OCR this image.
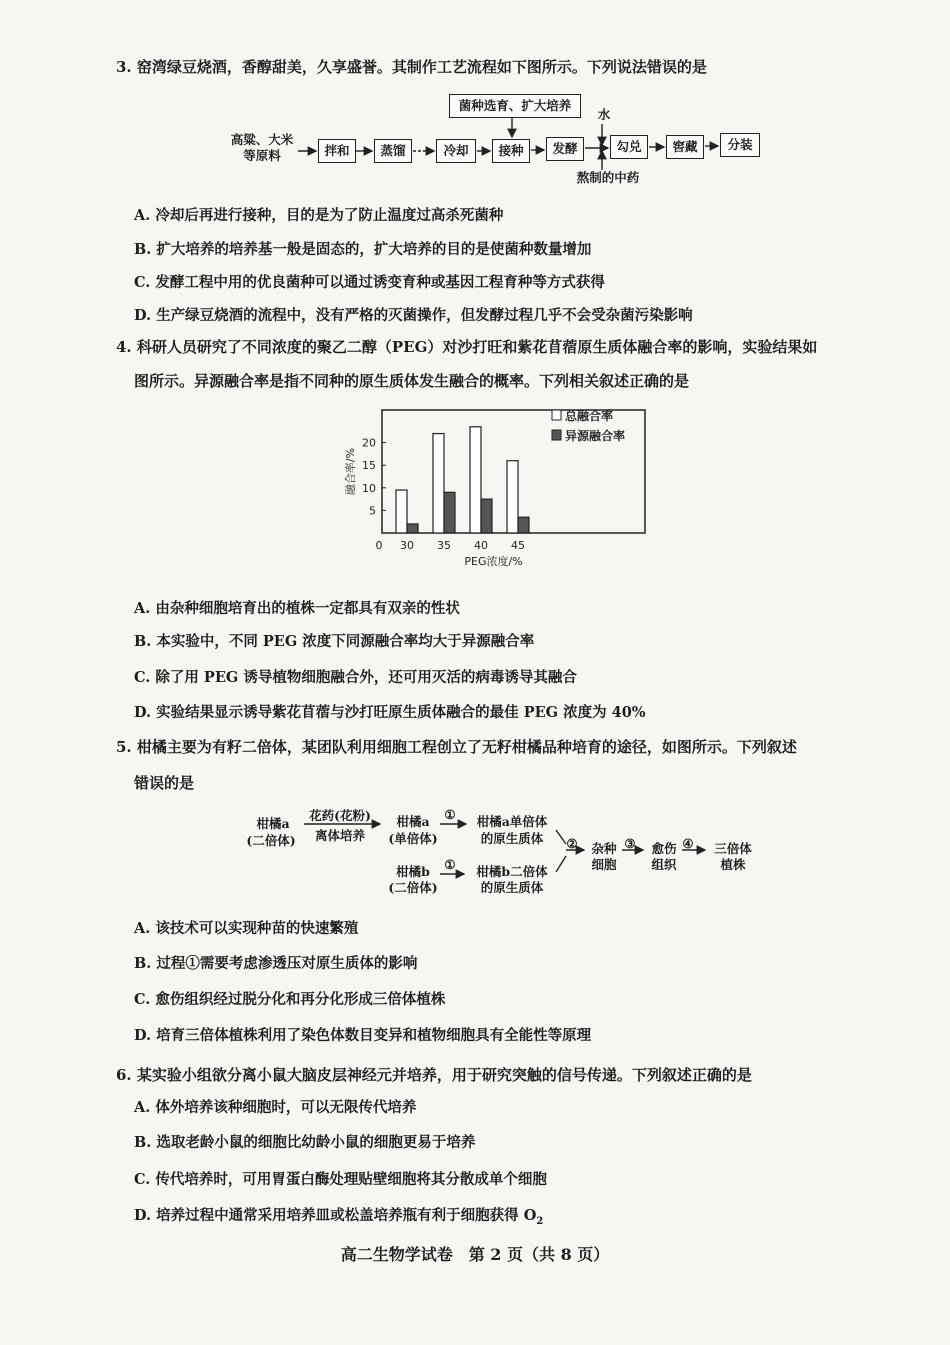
3. 窑湾绿豆烧酒，香醇甜美，久享盛誉。其制作工艺流程如下图所示。下列说法错误的是
高粱、大米
等原料
菌种选育、扩大培养
水
熬制的中药
拌和	蒸馏	冷却	接种	发酵	勾兑	窖藏	分装
A. 冷却后再进行接种，目的是为了防止温度过高杀死菌种
B. 扩大培养的培养基一般是固态的，扩大培养的目的是使菌种数量增加
C. 发酵工程中用的优良菌种可以通过诱变育种或基因工程育种等方式获得
D. 生产绿豆烧酒的流程中，没有严格的灭菌操作，但发酵过程几乎不会受杂菌污染影响
4. 科研人员研究了不同浓度的聚乙二醇（PEG）对沙打旺和紫花苜蓿原生质体融合率的影响，实验结果如
图所示。异源融合率是指不同种的原生质体发生融合的概率。下列相关叙述正确的是
5
10
15
20
0 30 35 40 45
PEG浓度/%
融合率/%
总融合率
异源融合率
A. 由杂种细胞培育出的植株一定都具有双亲的性状
B. 本实验中，不同 PEG 浓度下同源融合率均大于异源融合率
C. 除了用 PEG 诱导植物细胞融合外，还可用灭活的病毒诱导其融合
D. 实验结果显示诱导紫花苜蓿与沙打旺原生质体融合的最佳 PEG 浓度为 40%
5. 柑橘主要为有籽二倍体，某团队利用细胞工程创立了无籽柑橘品种培育的途径，如图所示。下列叙述
错误的是
柑橘a
(二倍体)
花药(花粉)
离体培养
柑橘a
(单倍体)
①	柑橘a单倍体
的原生质体
柑橘b
(二倍体)
①	柑橘b二倍体
的原生质体
②	杂种
细胞
③	愈伤
组织
④	三倍体
植株
A. 该技术可以实现种苗的快速繁殖
B. 过程①需要考虑渗透压对原生质体的影响
C. 愈伤组织经过脱分化和再分化形成三倍体植株
D. 培育三倍体植株利用了染色体数目变异和植物细胞具有全能性等原理
6. 某实验小组欲分离小鼠大脑皮层神经元并培养，用于研究突触的信号传递。下列叙述正确的是
A. 体外培养该种细胞时，可以无限传代培养
B. 选取老龄小鼠的细胞比幼龄小鼠的细胞更易于培养
C. 传代培养时，可用胃蛋白酶处理贴壁细胞将其分散成单个细胞
D. 培养过程中通常采用培养皿或松盖培养瓶有利于细胞获得 $O_2$
高二生物学试卷　第 2 页（共 8 页）
